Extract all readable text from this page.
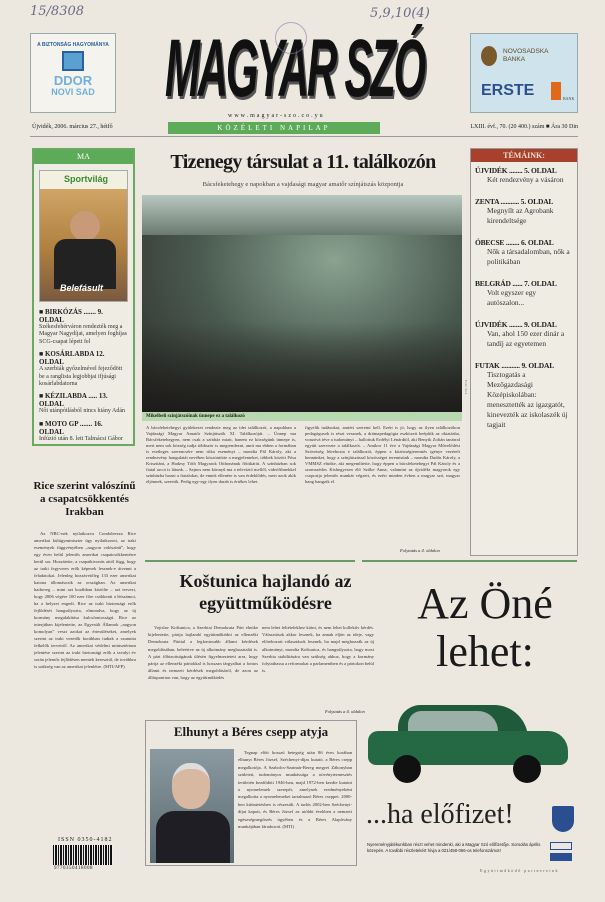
15/8308	5,9,10(4)
A BIZTONSÁG HAGYOMÁNYA
DDOR
NOVI SAD	MAGYAR SZÓ
www.magyar-szo.co.yu
NOVOSADSKA BANKA
ERSTE	BANK
Újvidék, 2006. március 27., hétfő	KÖZÉLETI NAPILAP	LXIII. évf., 70. (20 400.) szám ■ Ára 30 Din
MA
Sportvilág
Belefásult
■ BIRKÓZÁS ....... 9. OLDAL
Székesfehérváron rendezték meg a Magyar Nagydíjat, amelyen foghíjas SCG-csapat lépett fel
■ KOSÁRLABDA 12. OLDAL
A szerbiák győzelmével fejeződött be a ranglista legjobbjai ifjúsági kosárlabdatorna
■ KÉZILABDA ..... 13. OLDAL
Női utánpótlásból nincs hiány Adán
■ MOTO GP ....... 16. OLDAL
Infúzió után 8. lett Talmácsi Gábor
Tizenegy társulat a 11. találkozón
Bácsfeketehegy e napokban a vajdasági magyar amatőr színjátszás központja
Fotó: Sz.I.
Mikelbeli színjátszóinak ünnepe ez a találkozó
A bácsfeketehegyi gyülekezet rendezte meg az idei találkozót, a napokban a Vajdasági Magyar Amatőr Színjátszók XI. Találkozóját. – Ünnep ma Bácsfeketehegyen, nem csak a színház miatt, hanem ez községünk ünnepe is, mert nem sok község tudja többször is megrendezni, amit ma ebben a formában is esetleges szerencsére nem ritka eseményt – mondta Pál Károly, aki a rendezvény hangulatát nevében köszöntötte a megjelenteket, többek között Pósa Krisztiánt, a Hadzsy Tóth Magyarok Otthonának főtitkárát. A színházban sok fiatal arcot is látunk. – Sajnos nem könnyű ma a televízió mellől, videófilmekkel színházba hozni a fiatalokat, de ennek ellenére is van érdeklődés, mert azok akik eljönnek, szeretik. Pedig egy-egy ilyen darab is értékes lehet.
figyelik tudásukat, amiért szeretni kell. Ezért is jó, hogy az ilyen találkozókon pedagógusok is részt vesznek, a drámapedagógia eszközeit beépítik az oktatásba, vonzóvá téve a tudományt – hallottuk Erdélyi Lénárdtól, aki Benyik Zoltán tanárral együtt szervezte a találkozót. – Amikor 11 éve a Vajdasági Magyar Művelődési Szövetség létrehozta e találkozót, éppen a közösségteremtés igénye vezérelt bennünket, hogy a színjátszással közösséget teremtsünk – mondta Dudás Károly, a VMMSZ elnöke, aki megemlítette, hogy éppen a bácsfeketehegyi Pál Károly és a szomszédos Kishegyesen élő Szőke Anna, valamint az újvidéki magyarok egy csoportja jelentős munkát végzett, és ezért minden évben a magyar szó, magyar hang hangzik el.
Folytatás a 4. oldalon
TÉMÁINK:
ÚJVIDÉK ........ 5. OLDAL
Két rendezvény a vásáron
ZENTA ........... 5. OLDAL
Megnyílt az Agrobank kirendeltsége
ÓBECSE ........ 6. OLDAL
Nők a társadalomban, nők a politikában
BELGRÁD ...... 7. OLDAL
Volt egyszer egy autószalon...
ÚJVIDÉK ........ 9. OLDAL
Van, ahol 150 ezer dinár a tandíj az egyetemen
FUTAK ........... 9. OLDAL
Tisztogatás a Mezőgazdasági Középiskolában: menesztették az igazgatót, kinevezték az iskolaszék új tagjait
Rice szerint valószínű a csapatcsökkentés Irakban
Az NBC-nek nyilatkozva Condoleezza Rice amerikai külügyminiszter úgy nyilatkozott, az iraki események függvényében „nagyon valószínű”, hogy egy éven belül jelentős amerikai csapatcsökkentésre kerül sor. Hozzátette, a csapatkivonás attól függ, hogy az iraki fegyveres erők képesek lesznek-e átvenni a feladatokat. Jelenleg hozzávetőleg 133 ezer amerikai katona állomásozik az országban. Az amerikai hadsereg – mint azt korábban közölte – azt tervezi, hogy 2006 végére 100 ezer főre csökkenti a létszámot, ha a helyzet engedi. Rice az iraki biztonsági erők fejlődését hangsúlyozta, elmondva, hogy az új kormány megalakítása kulcsfontosságú. Rice az interjúban kijelentette, az Egyesült Államok „nagyon komolyan” veszi azokat az értesüléseket, amelyek szerint az iraki vezetők korábban tudtak a szunnita felkelők terveiről. Az amerikai védelmi minisztérium jelentése szerint az iraki biztonsági erők a tavalyi év során jelentős fejlődésen mentek keresztül, de továbbra is szükség van az amerikai jelenlétre. (MTI/AFP)
ISSN 0350-4182
9770350418008
Koštunica hajlandó az együttműködésre
Vojislav Koštunica, a Szerbiai Demokrata Párt elnöke kijelentette, pártja hajlandó együttműködni az ellenzéki Demokrata Párttal a legfontosabb állami kérdések megoldásában, beleértve az új alkotmány meghozatalát is. A párt főbizottságának ülésén figyelmeztetett arra, hogy pártja az ellenzéki pártokkal is hosszan tárgyalhat a fontos állami és nemzeti kérdések megoldásáról, de azon az álláspontion van, hogy az együttműködés
nem lehet feltételekhez kötni, és nem lehet kollektív kérdés. Választások akkor lesznek, ha annak eljön az ideje, vagy előrehozott választások lesznek, ha majd meghozzák az új alkotmányt, mondta Koštunica, és hangsúlyozta, hogy most Szerbia stabilitására van szükség ahhoz, hogy a kormány folytathassa a reformokat a parlamentben és a pártokon belül is.
Folytatás a 4. oldalon
Elhunyt a Béres csepp atyja
Tegnap előtt hosszú betegség után 86 éves korában elhunyt Béres József, Széchenyi-díjas kutató, a Béres csepp megalkotója. A Szabolcs-Szatmár-Bereg megyei Záhonyban született, tudományos munkássága a növénytermesztés területén kezdődött 1946-ban, majd 1972-ben kezdte kutatni a nyomelemek szerepét, amelynek eredményeként megalkotta a nyomelemeket tartalmazó Béres cseppet. 2000-ben kitüntetésben is részesült. A tudós 2002-ben Széchenyi-díjat kapott, és Béres József az utóbbi években a nemzeti egészségmegőrzés ügyében és a Béres Alapítvány munkájában fáradozott. (MTI)
Az Öné
lehet:
...ha előfizet!
Nyereményjátékunkban részt vehet mindenki, aki a Magyar Szó előfizetője. Sorsolás április közepén. A további részletekért hívja a 021/458-066-os telefonszámot!
Együttműködő partnereink
